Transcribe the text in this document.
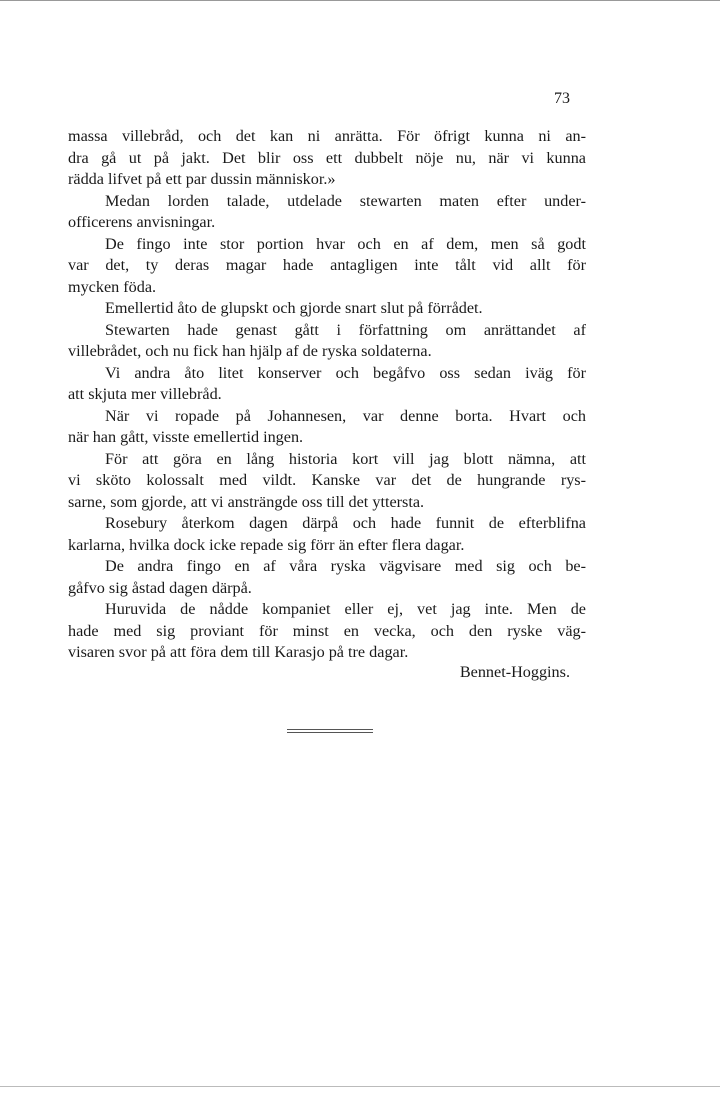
73
massa villebråd, och det kan ni anrätta. För öfrigt kunna ni an-
dra gå ut på jakt. Det blir oss ett dubbelt nöje nu, när vi kunna
rädda lifvet på ett par dussin människor.»
Medan lorden talade, utdelade stewarten maten efter under-
officerens anvisningar.
De fingo inte stor portion hvar och en af dem, men så godt
var det, ty deras magar hade antagligen inte tålt vid allt för
mycken föda.
Emellertid åto de glupskt och gjorde snart slut på förrådet.
Stewarten hade genast gått i författning om anrättandet af
villebrådet, och nu fick han hjälp af de ryska soldaterna.
Vi andra åto litet konserver och begåfvo oss sedan iväg för
att skjuta mer villebråd.
När vi ropade på Johannesen, var denne borta. Hvart och
när han gått, visste emellertid ingen.
För att göra en lång historia kort vill jag blott nämna, att
vi sköto kolossalt med vildt. Kanske var det de hungrande rys-
sarne, som gjorde, att vi ansträngde oss till det yttersta.
Rosebury återkom dagen därpå och hade funnit de efterblifna
karlarna, hvilka dock icke repade sig förr än efter flera dagar.
De andra fingo en af våra ryska vägvisare med sig och be-
gåfvo sig åstad dagen därpå.
Huruvida de nådde kompaniet eller ej, vet jag inte. Men de
hade med sig proviant för minst en vecka, och den ryske väg-
visaren svor på att föra dem till Karasjo på tre dagar.
Bennet-Hoggins.
